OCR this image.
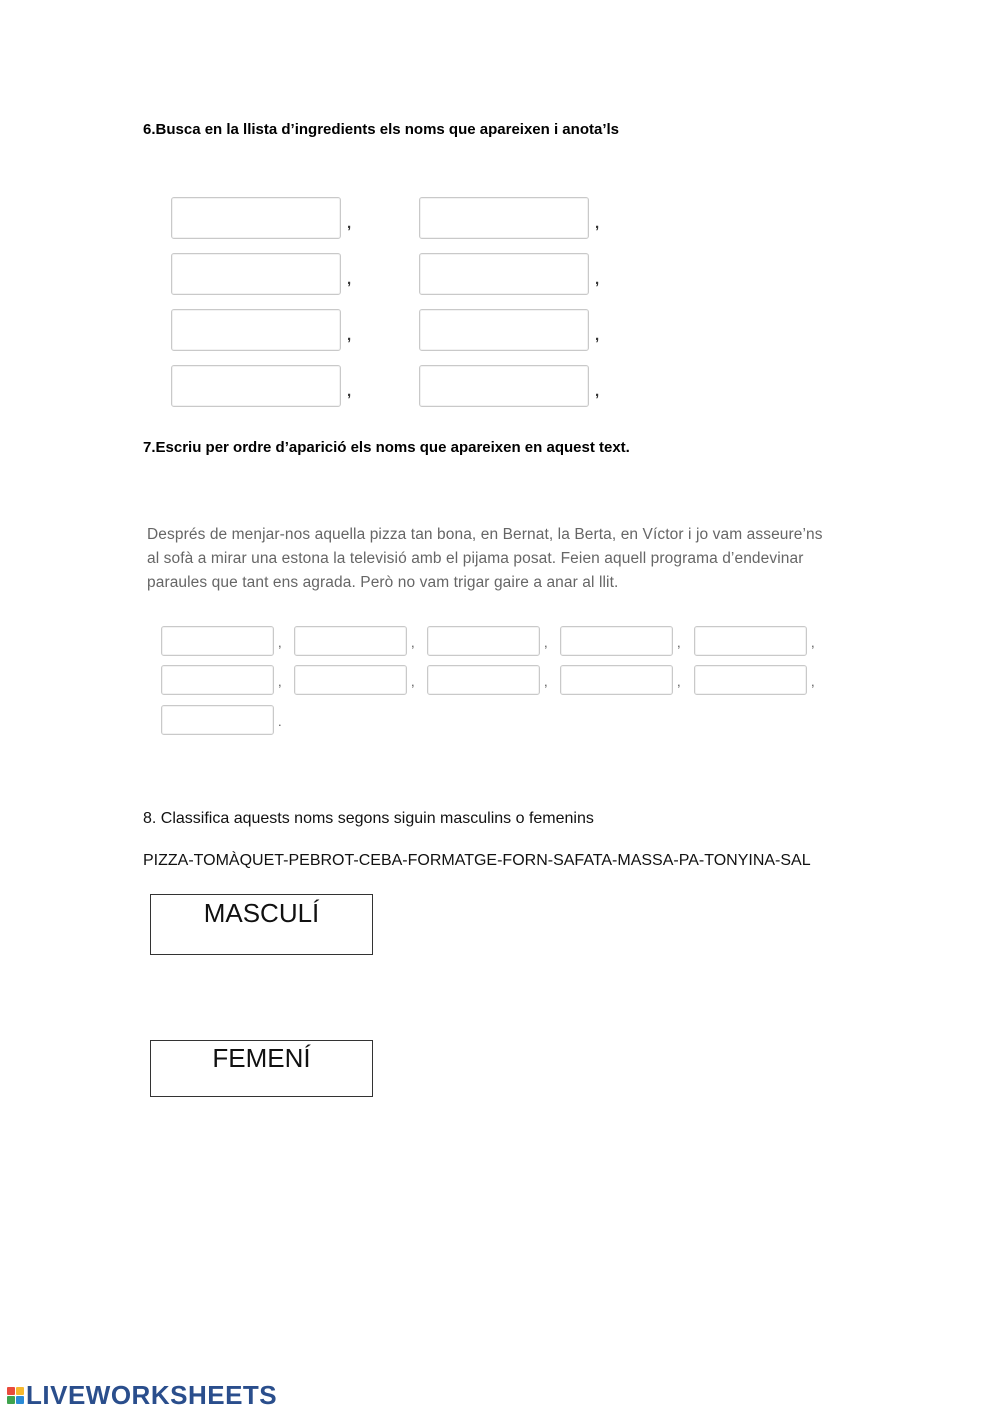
6.Busca en la llista d’ingredients els noms que apareixen i anota’ls
,	,
,	,
,	,
,	,
7.Escriu per ordre d’aparició els noms que apareixen en aquest text.
Després de menjar-nos aquella pizza tan bona, en Bernat, la Berta, en Víctor i jo vam asseure’ns
al sofà a mirar una estona la televisió amb el pijama posat. Feien aquell programa d’endevinar
paraules que tant ens agrada. Però no vam trigar gaire a anar al llit.
,	,	,	,	,
,	,	,	,	,
.
8. Classifica aquests noms segons siguin masculins o femenins
PIZZA-TOMÀQUET-PEBROT-CEBA-FORMATGE-FORN-SAFATA-MASSA-PA-TONYINA-SAL
MASCULÍ
FEMENÍ
LIVEWORKSHEETS
